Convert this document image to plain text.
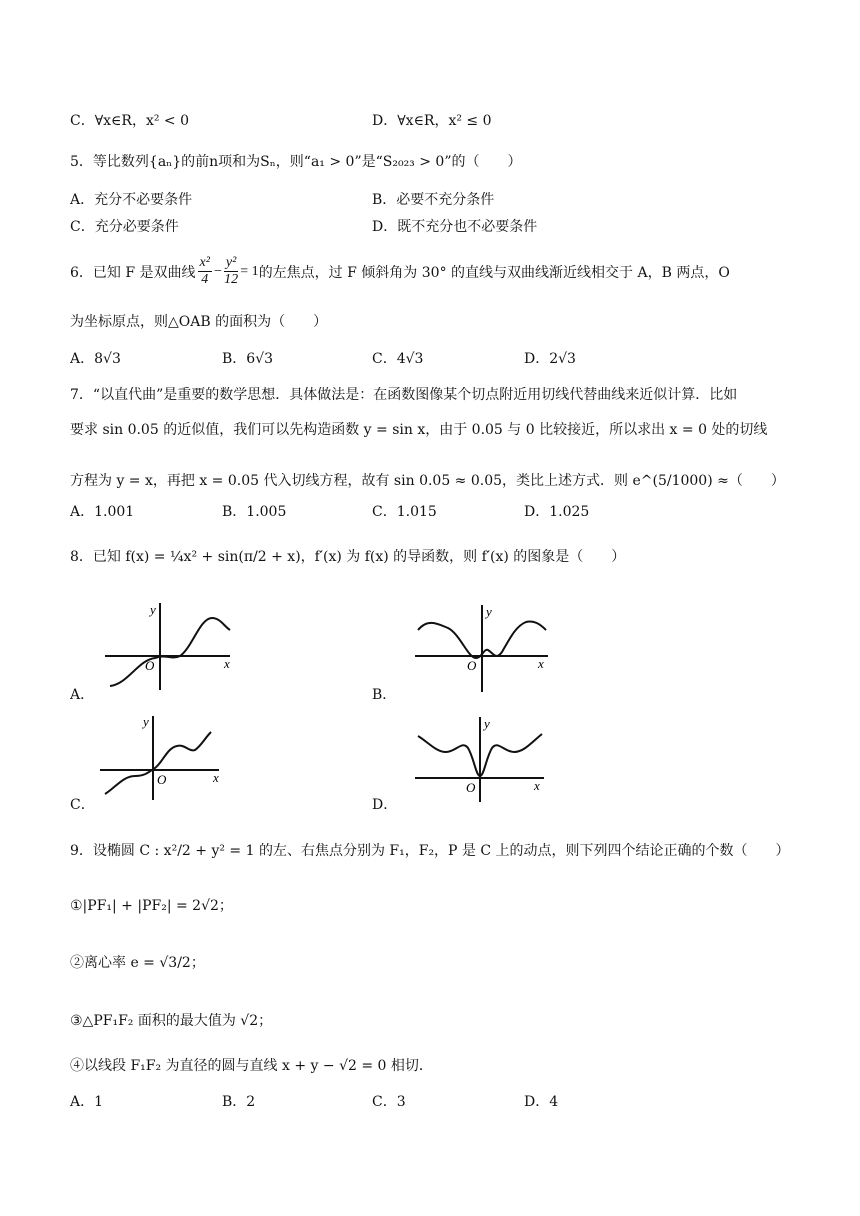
C．∀x∈R，x² < 0	D．∀x∈R，x² ≤ 0
5．等比数列{aₙ}的前n项和为Sₙ，则“a₁ > 0”是“S₂₀₂₃ > 0”的（　　）
A．充分不必要条件	B．必要不充分条件
C．充分必要条件	D．既不充分也不必要条件
6．已知 F 是双曲线 $\frac{\text{x²}}{4} - \frac{\text{y²}}{12} = 1$ 的左焦点，过 F 倾斜角为 30° 的直线与双曲线渐近线相交于 A，B 两点，O
为坐标原点，则△OAB 的面积为（　　）
A．8√3	B．6√3	C．4√3	D．2√3
7．“以直代曲”是重要的数学思想．具体做法是：在函数图像某个切点附近用切线代替曲线来近似计算．比如
要求 sin 0.05 的近似值，我们可以先构造函数 y = sin x，由于 0.05 与 0 比较接近，所以求出 x = 0 处的切线
方程为 y = x，再把 x = 0.05 代入切线方程，故有 sin 0.05 ≈ 0.05，类比上述方式．则 e^(5/1000) ≈（　　）
A．1.001	B．1.005	C．1.015	D．1.025
8．已知 f(x) = ¼x² + sin(π/2 + x)，f′(x) 为 f(x) 的导函数，则 f′(x) 的图象是（　　）
A．
y
x
O
B．
y
x
O
C．
y
x
O
D．
y
x
O
9．设椭圆 C : x²/2 + y² = 1 的左、右焦点分别为 F₁，F₂，P 是 C 上的动点，则下列四个结论正确的个数（　　）
①|PF₁| + |PF₂| = 2√2；
②离心率 e = √3/2；
③△PF₁F₂ 面积的最大值为 √2；
④以线段 F₁F₂ 为直径的圆与直线 x + y − √2 = 0 相切．
A．1	B．2	C．3	D．4
